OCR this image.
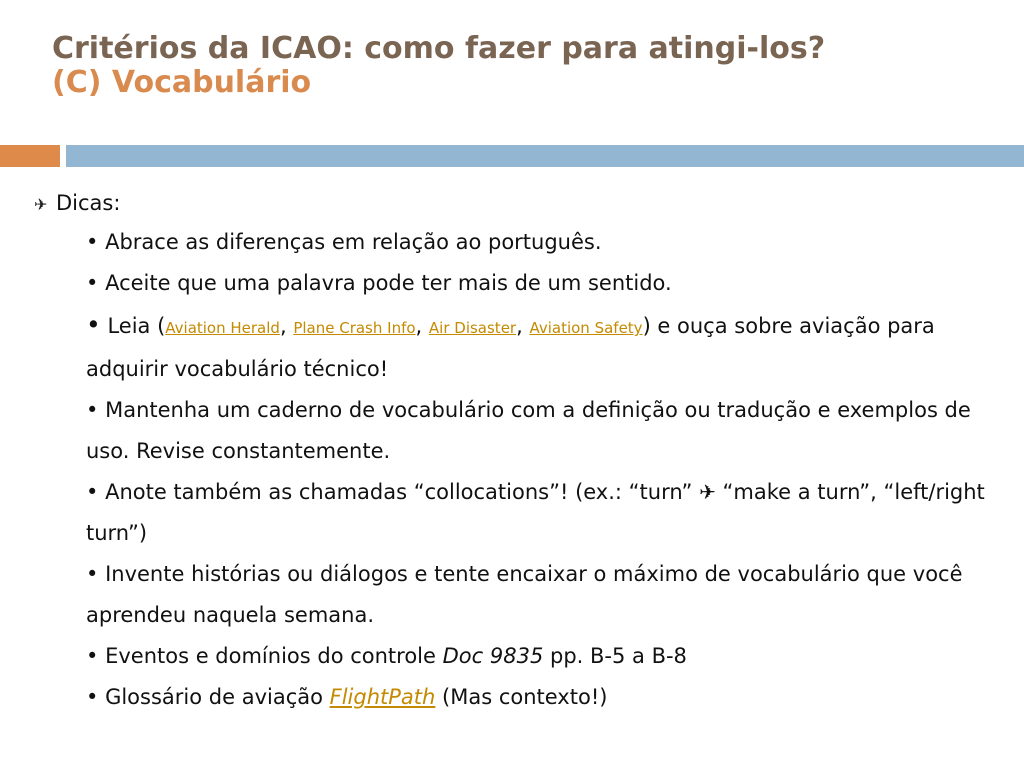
Critérios da ICAO: como fazer para atingi-los?
(C) Vocabulário
✈ Dicas:
• Abrace as diferenças em relação ao português.
• Aceite que uma palavra pode ter mais de um sentido.
• Leia (Aviation Herald, Plane Crash Info, Air Disaster, Aviation Safety) e ouça sobre aviação para adquirir vocabulário técnico!
• Mantenha um caderno de vocabulário com a definição ou tradução e exemplos de uso. Revise constantemente.
• Anote também as chamadas “collocations”! (ex.: “turn” ✈ “make a turn”, “left/right turn”)
• Invente histórias ou diálogos e tente encaixar o máximo de vocabulário que você aprendeu naquela semana.
• Eventos e domínios do controle Doc 9835 pp. B-5 a B-8
• Glossário de aviação FlightPath (Mas contexto!)
